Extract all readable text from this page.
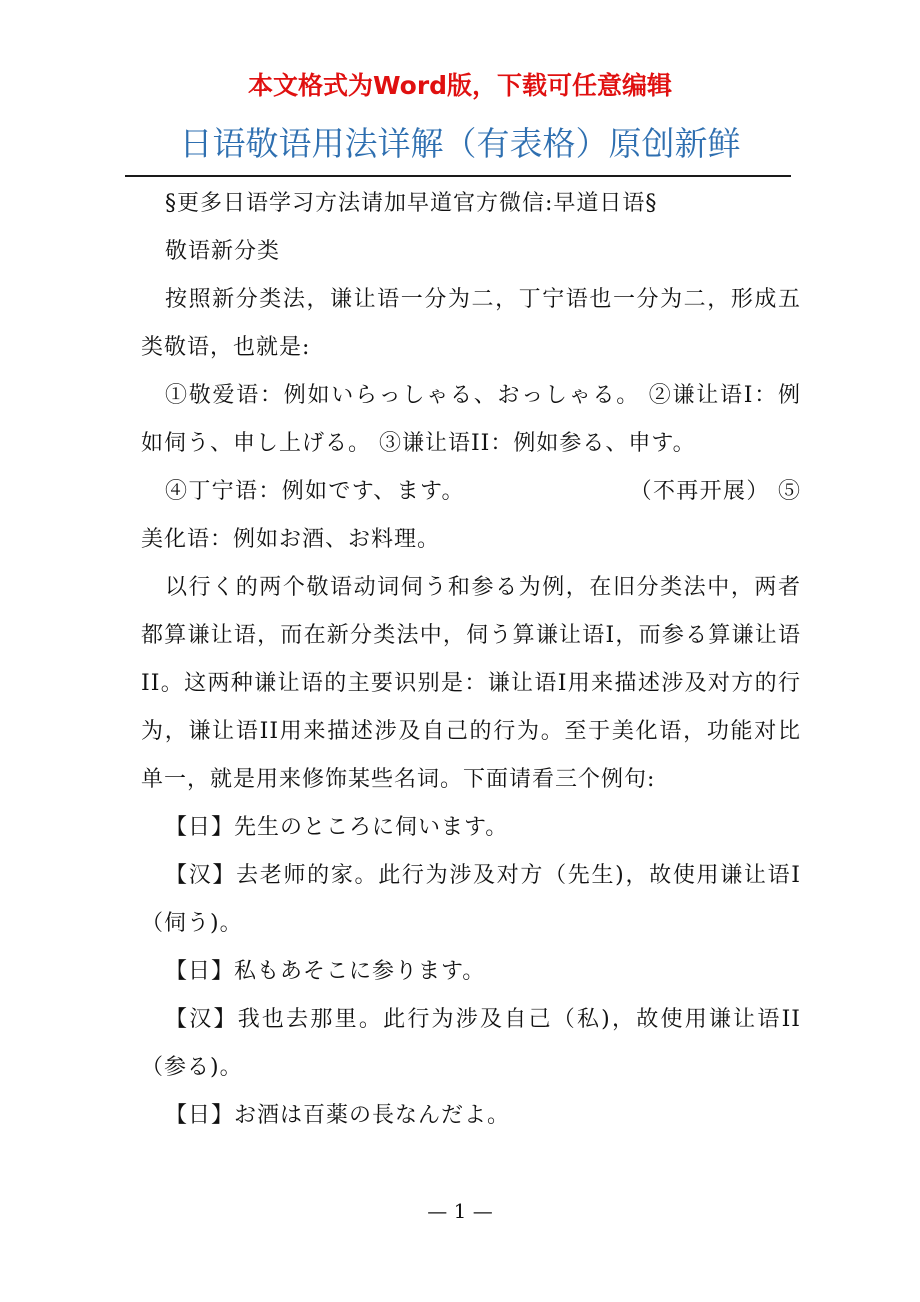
本文格式为Word版，下载可任意编辑
日语敬语用法详解（有表格）原创新鲜

§更多日语学习方法请加早道官方微信:早道日语§

敬语新分类

按照新分类法，谦让语一分为二，丁宁语也一分为二，形成五类敬语，也就是:

①敬爱语：例如いらっしゃる、おっしゃる。 ②谦让语I：例如伺う、申し上げる。 ③谦让语II：例如参る、申す。

④丁宁语：例如です、ます。　　　　　　　　（不再开展） ⑤美化语：例如お酒、お料理。

以行く的两个敬语动词伺う和参る为例，在旧分类法中，两者都算谦让语，而在新分类法中，伺う算谦让语I，而参る算谦让语II。这两种谦让语的主要识别是：谦让语I用来描述涉及对方的行为，谦让语II用来描述涉及自己的行为。至于美化语，功能对比单一，就是用来修饰某些名词。下面请看三个例句:

【日】先生のところに伺います。

【汉】去老师的家。此行为涉及对方（先生)，故使用谦让语I（伺う)。

【日】私もあそこに参ります。

【汉】我也去那里。此行为涉及自己（私)，故使用谦让语II（参る)。

【日】お酒は百薬の長なんだよ。

— 1 —
